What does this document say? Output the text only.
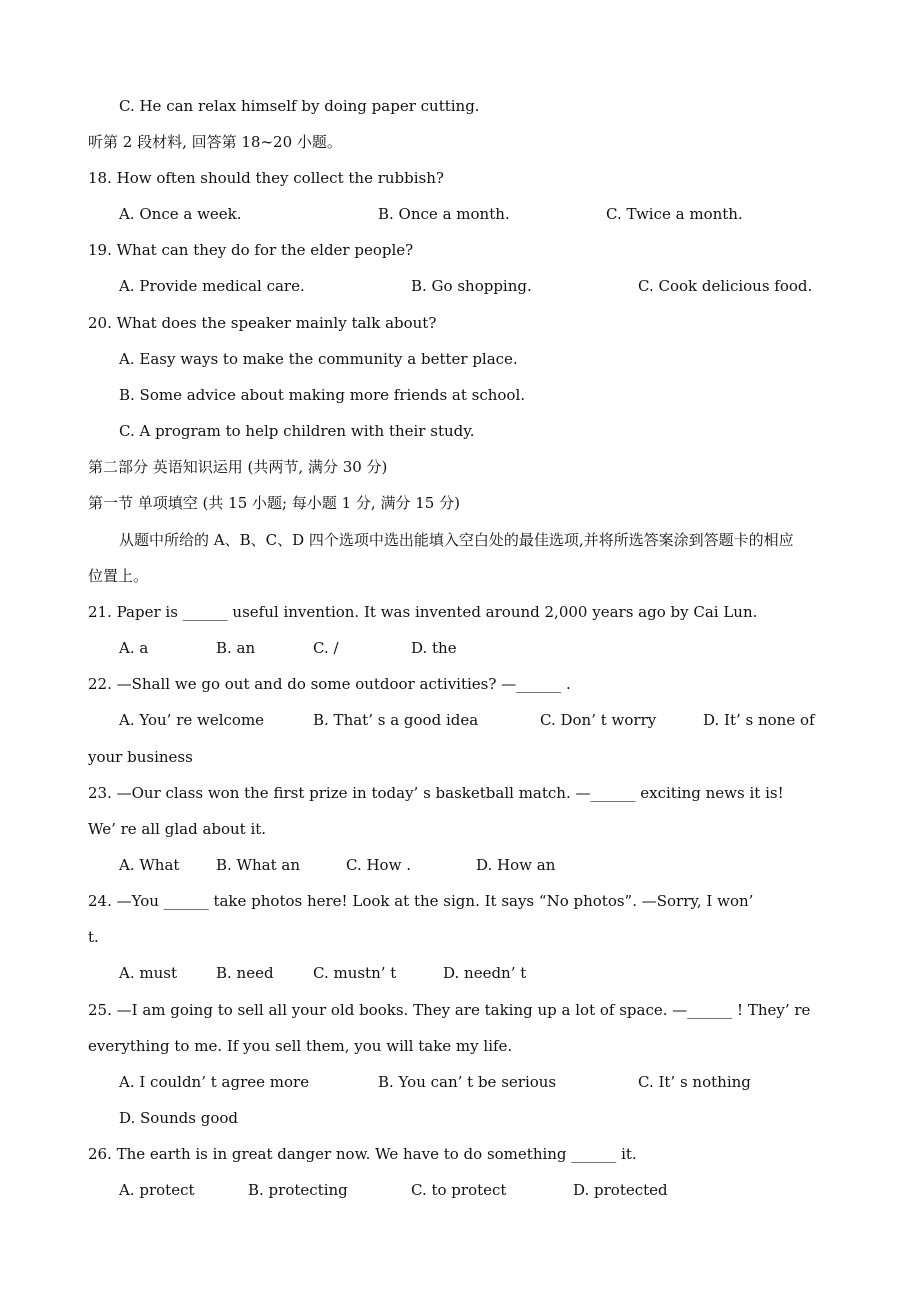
C. He can relax himself by doing paper cutting.
听第 2 段材料, 回答第 18~20 小题。
18. How often should they collect the rubbish?
A. Once a week.	B. Once a month.	C. Twice a month.
19. What can they do for the elder people?
A. Provide medical care.	B. Go shopping.	C. Cook delicious food.
20. What does the speaker mainly talk about?
A. Easy ways to make the community a better place.
B. Some advice about making more friends at school.
C. A program to help children with their study.
第二部分 英语知识运用 (共两节, 满分 30 分)
第一节 单项填空 (共 15 小题; 每小题 1 分, 满分 15 分)
从题中所给的 A、B、C、D 四个选项中选出能填入空白处的最佳选项,并将所选答案涂到答题卡的相应
位置上。
21. Paper is ______ useful invention. It was invented around 2,000 years ago by Cai Lun.
A. a	B. an	C. /	D. the
22. —Shall we go out and do some outdoor activities? —______ .
A. You’ re welcome	B. That’ s a good idea	C. Don’ t worry	D. It’ s none of
your business
23. —Our class won the first prize in today’ s basketball match. —______ exciting news it is!
We’ re all glad about it.
A. What B. What an	C. How .	D. How an
24. —You ______ take photos here! Look at the sign. It says “No photos”. —Sorry, I won’
t.
A. must	B. need	C. mustn’ t	D. needn’ t
25. —I am going to sell all your old books. They are taking up a lot of space. —______ ! They’ re
everything to me. If you sell them, you will take my life.
A. I couldn’ t agree more	B. You can’ t be serious	C. It’ s nothing
D. Sounds good
26. The earth is in great danger now. We have to do something ______ it.
A. protect	B. protecting	C. to protect	D. protected
